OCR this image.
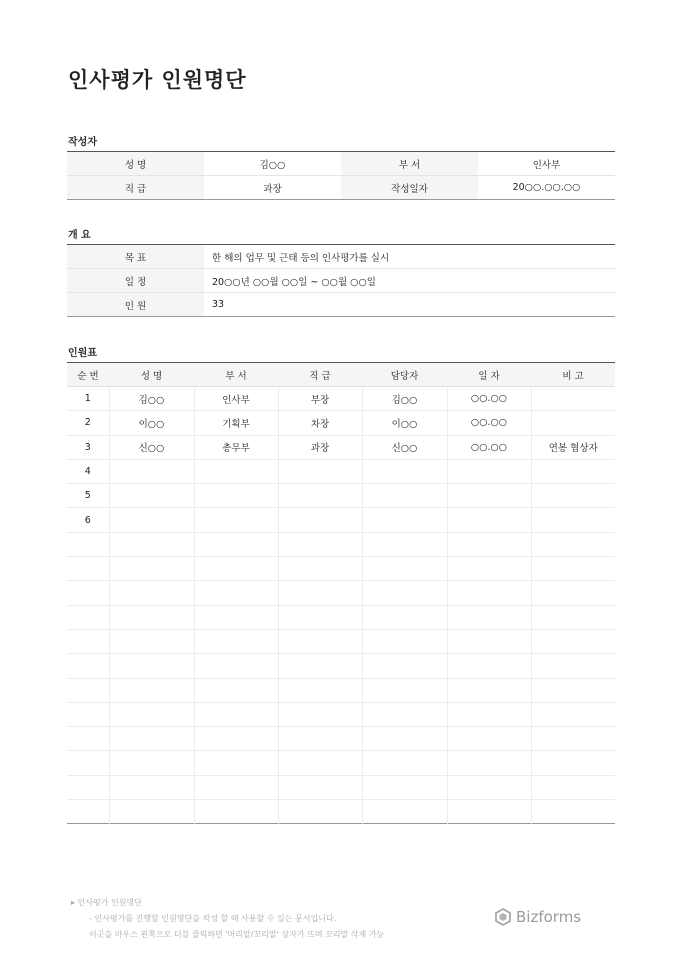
인사평가 인원명단
작성자
성 명	김○○	부 서	인사부
직 급	과장	작성일자	20○○.○○.○○
개 요
목 표	한 해의 업무 및 근태 등의 인사평가를 실시
일 정	20○○년 ○○월 ○○일 ~ ○○월 ○○일
인 원	33
인원표
순 번	성 명	부 서	직 급	담당자	일 자	비 고
1	김○○	인사부	부장	김○○	○○.○○	
2	이○○	기획부	차장	이○○	○○.○○	
3	신○○	총무부	과장	신○○	○○.○○	연봉 협상자
4						
5						
6						

▸ 인사평가 인원명단
- 인사평가를 진행할 인원명단을 작성 할 때 사용할 수 있는 문서입니다.
이곳을 마우스 왼쪽으로 더블 클릭하면 '머리말/꼬리말' 상자가 뜨며 꼬리말 삭제 가능
Bizforms
